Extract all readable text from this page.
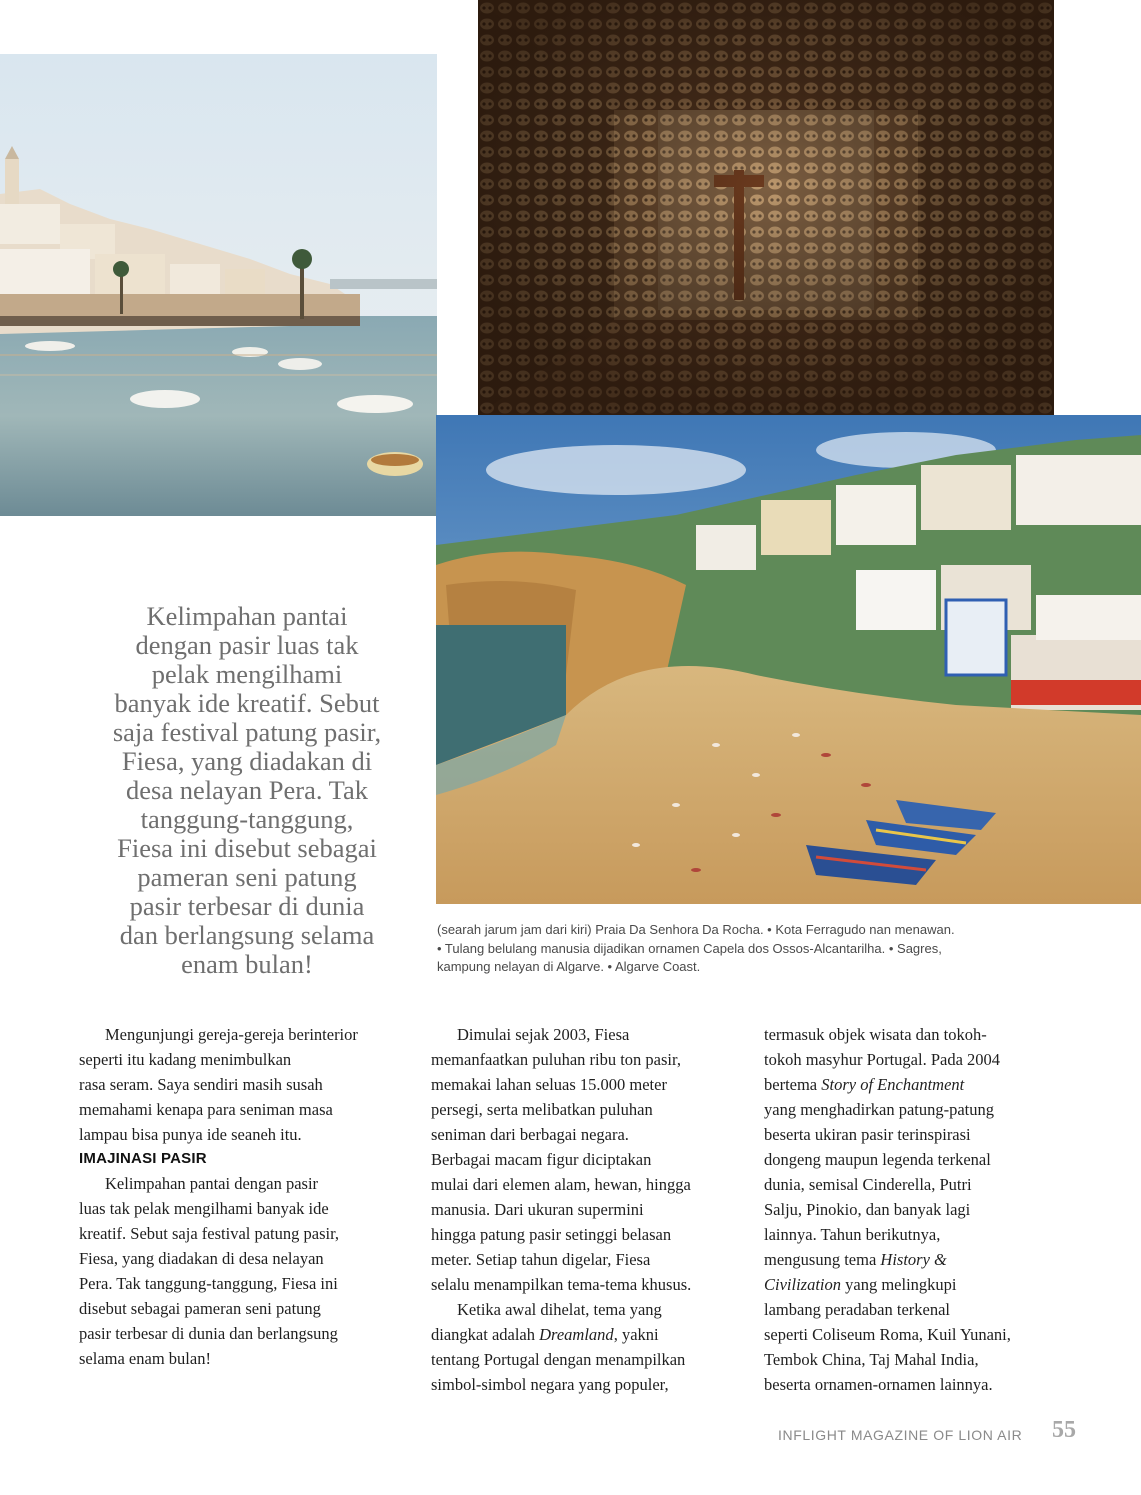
Kelimpahan pantai

dengan pasir luas tak

pelak mengilhami

banyak ide kreatif. Sebut

saja festival patung pasir,

Fiesa, yang diadakan di

desa nelayan Pera. Tak

tanggung-tanggung,

Fiesa ini disebut sebagai

pameran seni patung

pasir terbesar di dunia

dan berlangsung selama

enam bulan!

(searah jarum jam dari kiri) Praia Da Senhora Da Rocha. • Kota Ferragudo nan menawan.

• Tulang belulang manusia dijadikan ornamen Capela dos Ossos-Alcantarilha. • Sagres,

kampung nelayan di Algarve. • Algarve Coast.

Mengunjungi gereja-gereja berinterior

seperti itu kadang menimbulkan

rasa seram. Saya sendiri masih susah

memahami kenapa para seniman masa

lampau bisa punya ide seaneh itu.

IMAJINASI PASIR

Kelimpahan pantai dengan pasir

luas tak pelak mengilhami banyak ide

kreatif. Sebut saja festival patung pasir,

Fiesa, yang diadakan di desa nelayan

Pera. Tak tanggung-tanggung, Fiesa ini

disebut sebagai pameran seni patung

pasir terbesar di dunia dan berlangsung

selama enam bulan!

Dimulai sejak 2003, Fiesa

memanfaatkan puluhan ribu ton pasir,

memakai lahan seluas 15.000 meter

persegi, serta melibatkan puluhan

seniman dari berbagai negara.

Berbagai macam figur diciptakan

mulai dari elemen alam, hewan, hingga

manusia. Dari ukuran supermini

hingga patung pasir setinggi belasan

meter. Setiap tahun digelar, Fiesa

selalu menampilkan tema-tema khusus.

Ketika awal dihelat, tema yang

diangkat adalah Dreamland, yakni

tentang Portugal dengan menampilkan

simbol-simbol negara yang populer,

termasuk objek wisata dan tokoh-

tokoh masyhur Portugal. Pada 2004

bertema Story of Enchantment

yang menghadirkan patung-patung

beserta ukiran pasir terinspirasi

dongeng maupun legenda terkenal

dunia, semisal Cinderella, Putri

Salju, Pinokio, dan banyak lagi

lainnya. Tahun berikutnya,

mengusung tema History &

Civilization yang melingkupi

lambang peradaban terkenal

seperti Coliseum Roma, Kuil Yunani,

Tembok China, Taj Mahal India,

beserta ornamen-ornamen lainnya.

INFLIGHT MAGAZINE OF LION AIR 55
